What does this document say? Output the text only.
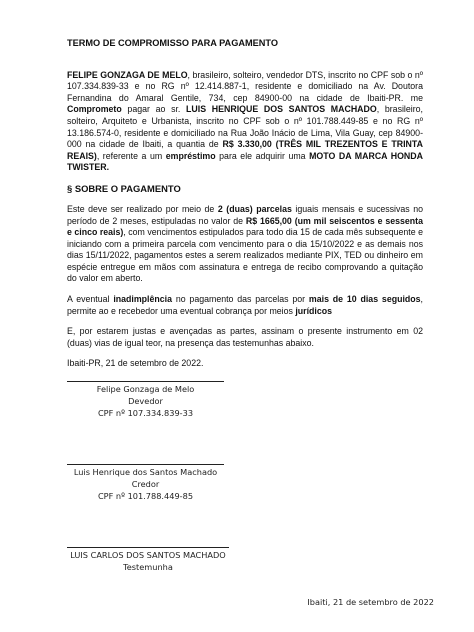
TERMO DE COMPROMISSO PARA PAGAMENTO

FELIPE GONZAGA DE MELO, brasileiro, solteiro, vendedor DTS, inscrito no CPF sob o nº 107.334.839-33 e no RG nº 12.414.887-1, residente e domiciliado na Av. Doutora Fernandina do Amaral Gentile, 734, cep 84900-00 na cidade de Ibaiti-PR. me Comprometo pagar ao sr. LUIS HENRIQUE DOS SANTOS MACHADO, brasileiro, solteiro, Arquiteto e Urbanista, inscrito no CPF sob o nº 101.788.449-85 e no RG nº 13.186.574-0, residente e domiciliado na Rua João Inácio de Lima, Vila Guay, cep 84900-000 na cidade de Ibaiti, a quantia de R$ 3.330,00 (TRÊS MIL TREZENTOS E TRINTA REAIS), referente a um empréstimo para ele adquirir uma MOTO DA MARCA HONDA TWISTER.

§ SOBRE O PAGAMENTO

Este deve ser realizado por meio de 2 (duas) parcelas iguais mensais e sucessivas no período de 2 meses, estipuladas no valor de R$ 1665,00 (um mil seiscentos e sessenta e cinco reais), com vencimentos estipulados para todo dia 15 de cada mês subsequente e iniciando com a primeira parcela com vencimento para o dia 15/10/2022 e as demais nos dias 15/11/2022, pagamentos estes a serem realizados mediante PIX, TED ou dinheiro em espécie entregue em mãos com assinatura e entrega de recibo comprovando a quitação do valor em aberto.

A eventual inadimplência no pagamento das parcelas por mais de 10 dias seguidos, permite ao e recebedor uma eventual cobrança por meios jurídicos

E, por estarem justas e avençadas as partes, assinam o presente instrumento em 02 (duas) vias de igual teor, na presença das testemunhas abaixo.

Ibaiti-PR, 21 de setembro de 2022.

Felipe Gonzaga de Melo
Devedor
CPF nº 107.334.839-33
Luis Henrique dos Santos Machado
Credor
CPF nº 101.788.449-85
LUIS CARLOS DOS SANTOS MACHADO
Testemunha
Ibaiti, 21 de setembro de 2022
